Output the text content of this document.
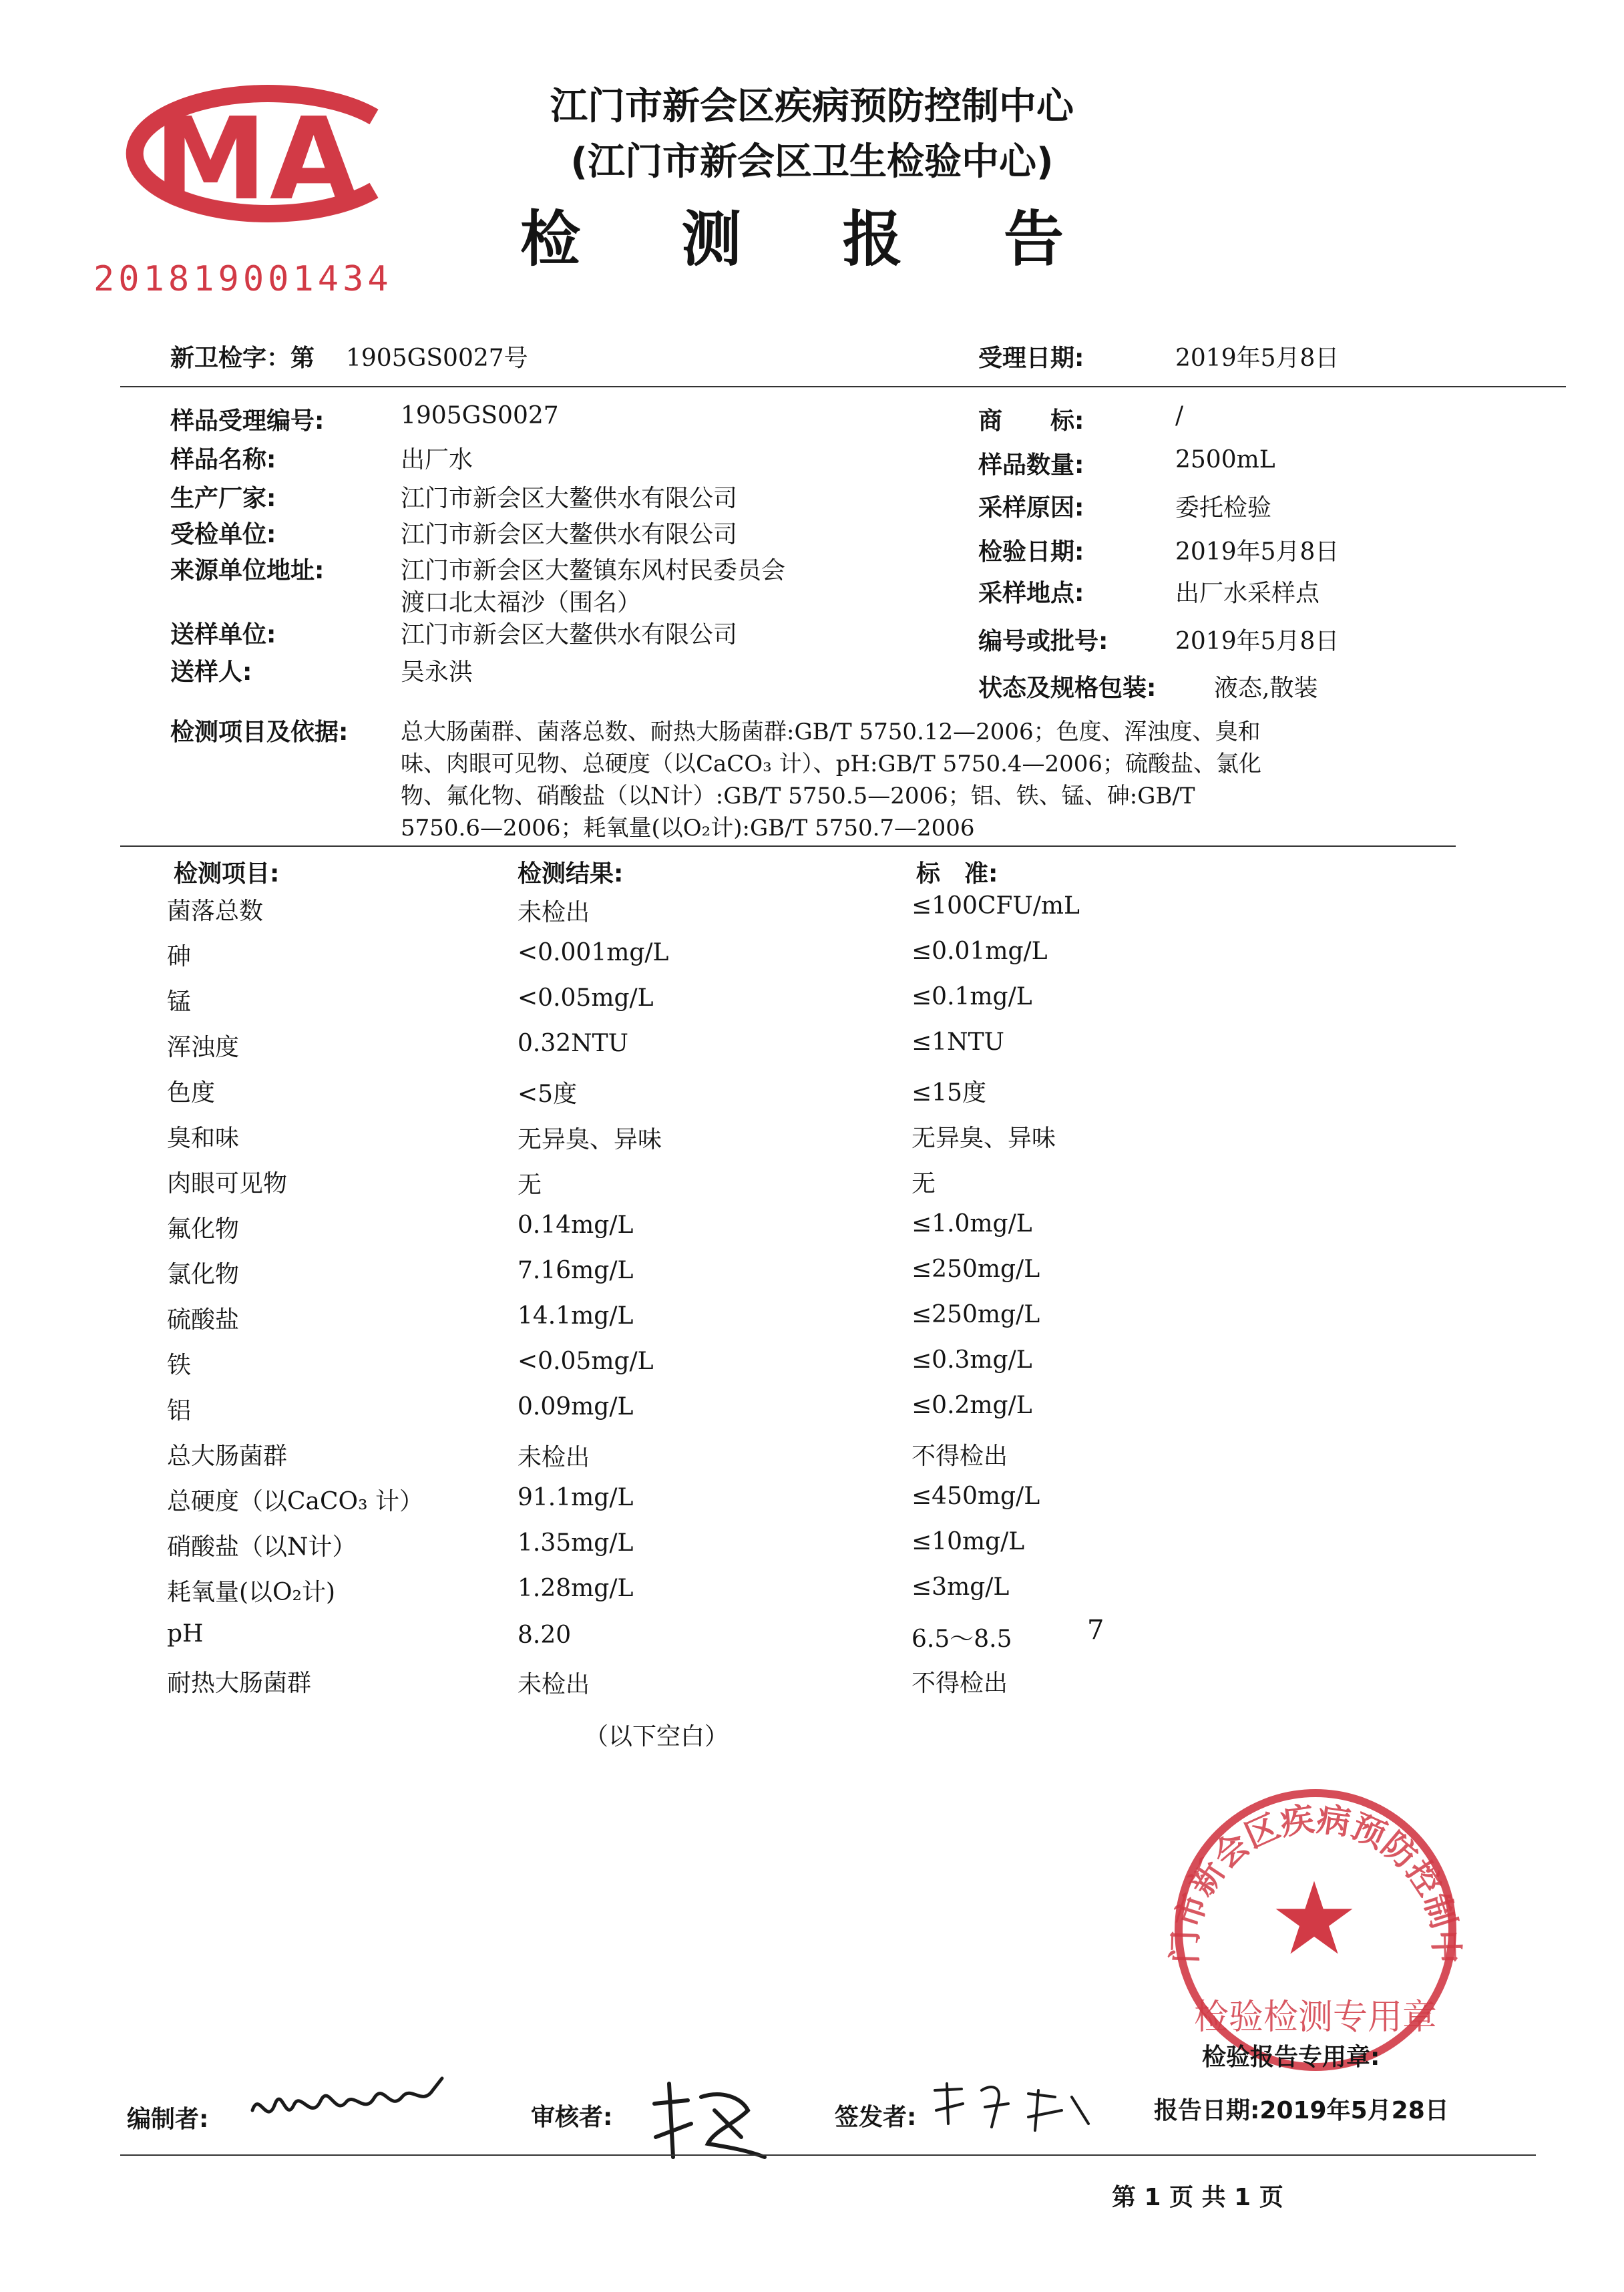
MA
201819001434
江门市新会区疾病预防控制中心
(江门市新会区卫生检验中心)
检 测 报 告
新卫检字：第 1905GS0027号	受理日期:	2019年5月8日
样品受理编号:	1905GS0027
样品名称:	出厂水
生产厂家:	江门市新会区大鳌供水有限公司
受检单位:	江门市新会区大鳌供水有限公司
来源单位地址:	江门市新会区大鳌镇东风村民委员会
渡口北太福沙（围名）
送样单位:	江门市新会区大鳌供水有限公司
送样人:	吴永洪
商　　标:	/
样品数量:	2500mL
采样原因:	委托检验
检验日期:	2019年5月8日
采样地点:	出厂水采样点
编号或批号:	2019年5月8日
状态及规格包装: 液态,散装
检测项目及依据: 总大肠菌群、菌落总数、耐热大肠菌群:GB/T 5750.12—2006；色度、浑浊度、臭和
味、肉眼可见物、总硬度（以CaCO₃ 计）、pH:GB/T 5750.4—2006；硫酸盐、氯化
物、氟化物、硝酸盐（以N计）:GB/T 5750.5—2006；铝、铁、锰、砷:GB/T
5750.6—2006；耗氧量(以O₂计):GB/T 5750.7—2006
检测项目:	检测结果:	标　准:
菌落总数	未检出	≤100CFU/mL
砷	<0.001mg/L	≤0.01mg/L
锰	<0.05mg/L	≤0.1mg/L
浑浊度	0.32NTU	≤1NTU
色度	<5度	≤15度
臭和味	无异臭、异味	无异臭、异味
肉眼可见物	无	无
氟化物	0.14mg/L	≤1.0mg/L
氯化物	7.16mg/L	≤250mg/L
硫酸盐	14.1mg/L	≤250mg/L
铁	<0.05mg/L	≤0.3mg/L
铝	0.09mg/L	≤0.2mg/L
总大肠菌群	未检出	不得检出
总硬度（以CaCO₃ 计）	91.1mg/L	≤450mg/L
硝酸盐（以N计）	1.35mg/L	≤10mg/L
耗氧量(以O₂计)	1.28mg/L	≤3mg/L
pH	8.20	6.5～8.5	7
耐热大肠菌群	未检出	不得检出
（以下空白）
门市新会区疾病预防控制中
★
检验检测专用章
编制者:	审核者:	签发者:
检验报告专用章:
报告日期:2019年5月28日
第 1 页 共 1 页
